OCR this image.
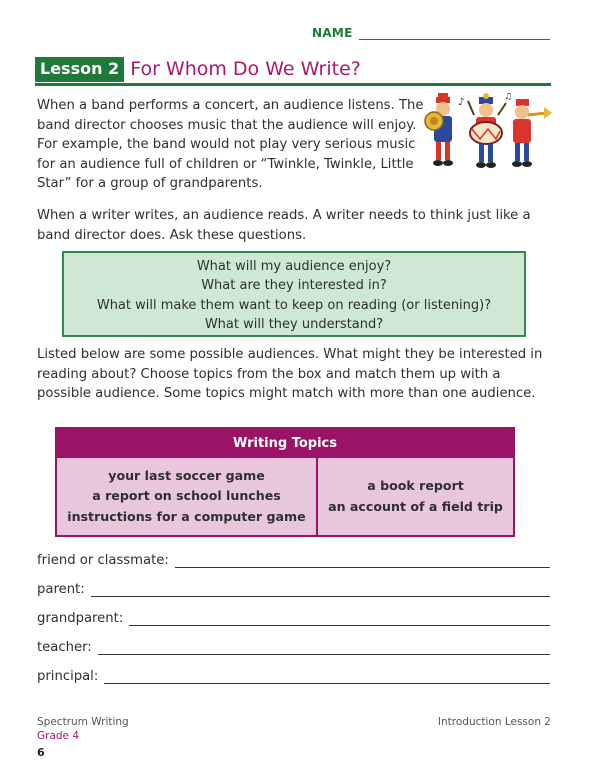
NAME
Lesson 2 For Whom Do We Write?

When a band performs a concert, an audience listens. The band director chooses music that the audience will enjoy. For example, the band would not play very serious music for an audience full of children or “Twinkle, Twinkle, Little Star” for a group of grandparents.

♪	♫

When a writer writes, an audience reads. A writer needs to think just like a band director does. Ask these questions.

What will my audience enjoy?

What are they interested in?

What will make them want to keep on reading (or listening)?

What will they understand?

Listed below are some possible audiences. What might they be interested in reading about? Choose topics from the box and match them up with a possible audience. Some topics might match with more than one audience.

Writing Topics
your last soccer game
a report on school lunches
instructions for a computer game
a book report
an account of a field trip
friend or classmate:
parent:
grandparent:
teacher:
principal:
Spectrum Writing
Grade 4
6
Introduction Lesson 2
